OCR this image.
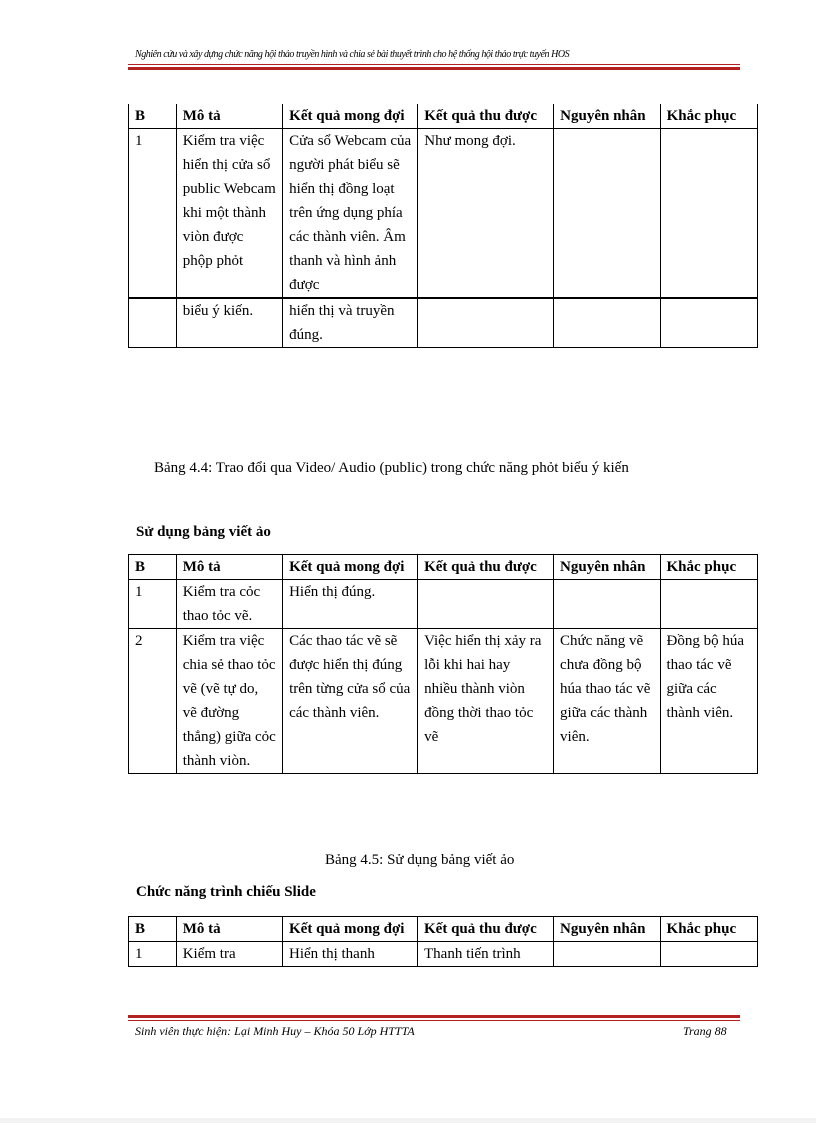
Nghiên cứu và xây dựng chức năng hội thảo truyền hình và chia sẻ bài thuyết trình cho hệ thống hội thảo trực tuyến HOS
B	Mô tả	Kết quả mong đợi	Kết quả thu được	Nguyên nhân	Khắc phục
1	Kiểm tra việc hiển thị cửa sổ public Webcam khi một thành viòn được phộp phỏt	Cửa sổ Webcam của người phát biểu sẽ hiển thị đồng loạt trên ứng dụng phía các thành viên. Âm thanh và hình ảnh được	Như mong đợi.		
	biểu ý kiến.	hiển thị và truyền đúng.			
Bảng 4.4: Trao đổi qua Video/ Audio (public) trong chức năng phỏt biểu ý kiến
Sử dụng bảng viết ảo
B	Mô tả	Kết quả mong đợi	Kết quả thu được	Nguyên nhân	Khắc phục
1	Kiểm tra cỏc thao tỏc vẽ.	Hiển thị đúng.			
2	Kiểm tra việc chia sẻ thao tỏc vẽ (vẽ tự do, vẽ đường thẳng) giữa cỏc thành viòn.	Các thao tác vẽ sẽ được hiển thị đúng trên từng cửa sổ của các thành viên.	Việc hiển thị xảy ra lỗi khi hai hay nhiều thành viòn đồng thời thao tỏc vẽ	Chức năng vẽ chưa đồng bộ húa thao tác vẽ giữa các thành viên.	Đồng bộ húa thao tác vẽ giữa các thành viên.
Bảng 4.5: Sử dụng bảng viết ảo
Chức năng trình chiếu Slide
B	Mô tả	Kết quả mong đợi	Kết quả thu được	Nguyên nhân	Khắc phục
1	Kiểm tra	Hiển thị thanh	Thanh tiến trình		
Sinh viên thực hiện: Lại Minh Huy – Khóa 50 Lớp HTTTA	Trang 88
